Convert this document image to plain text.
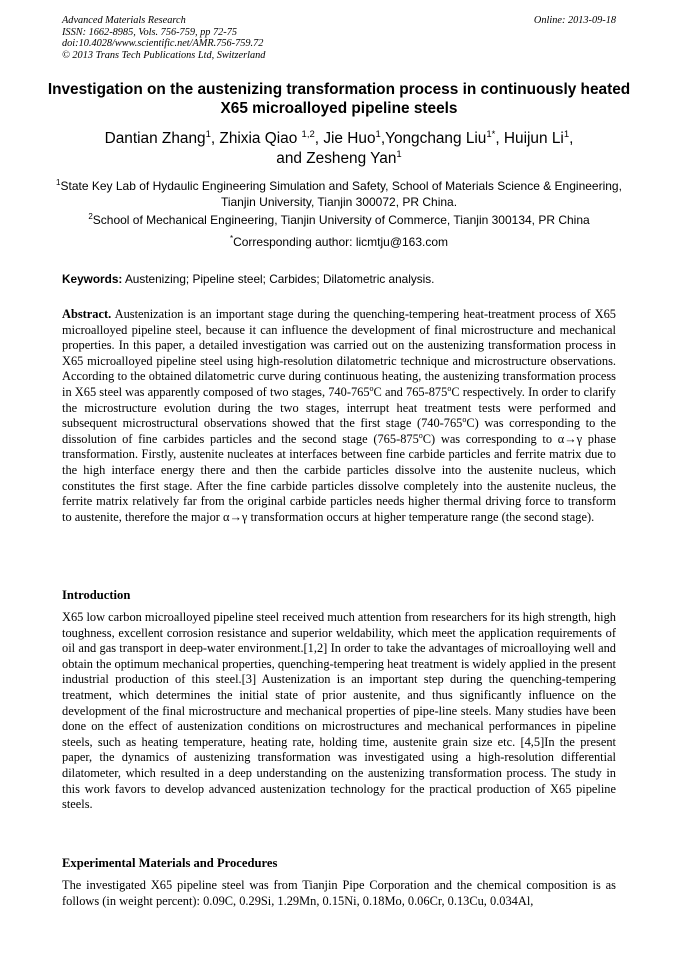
Advanced Materials Research
ISSN: 1662-8985, Vols. 756-759, pp 72-75
doi:10.4028/www.scientific.net/AMR.756-759.72
© 2013 Trans Tech Publications Ltd, Switzerland
Online: 2013-09-18
Investigation on the austenizing transformation process in continuously heated X65 microalloyed pipeline steels
Dantian Zhang$^1$, Zhixia Qiao $^{1,2}$, Jie Huo$^1$,Yongchang Liu$^{1*}$, Huijun Li$^1$,
and Zesheng Yan$^1$
$^1$State Key Lab of Hydaulic Engineering Simulation and Safety, School of Materials Science & Engineering, Tianjin University, Tianjin 300072, PR China.
$^2$School of Mechanical Engineering, Tianjin University of Commerce, Tianjin 300134, PR China
*Corresponding author: licmtju@163.com
Keywords: Austenizing; Pipeline steel; Carbides; Dilatometric analysis.

Abstract. Austenization is an important stage during the quenching-tempering heat-treatment process of X65 microalloyed pipeline steel, because it can influence the development of final microstructure and mechanical properties. In this paper, a detailed investigation was carried out on the austenizing transformation process in X65 microalloyed pipeline steel using high-resolution dilatometric technique and microstructure observations. According to the obtained dilatometric curve during continuous heating, the austenizing transformation process in X65 steel was apparently composed of two stages, 740-765$^o$C and 765-875$^o$C respectively. In order to clarify the microstructure evolution during the two stages, interrupt heat treatment tests were performed and subsequent microstructural observations showed that the first stage (740-765$^o$C) was corresponding to the dissolution of fine carbides particles and the second stage (765-875$^o$C) was corresponding to α→γ phase transformation. Firstly, austenite nucleates at interfaces between fine carbide particles and ferrite matrix due to the high interface energy there and then the carbide particles dissolve into the austenite nucleus, which constitutes the first stage. After the fine carbide particles dissolve completely into the austenite nucleus, the ferrite matrix relatively far from the original carbide particles needs higher thermal driving force to transform to austenite, therefore the major α→γ transformation occurs at higher temperature range (the second stage).

Introduction

X65 low carbon microalloyed pipeline steel received much attention from researchers for its high strength, high toughness, excellent corrosion resistance and superior weldability, which meet the application requirements of oil and gas transport in deep-water environment.[1,2] In order to take the advantages of microalloying well and obtain the optimum mechanical properties, quenching-tempering heat treatment is widely applied in the present industrial production of this steel.[3] Austenization is an important step during the quenching-tempering treatment, which determines the initial state of prior austenite, and thus significantly influence on the development of the final microstructure and mechanical properties of pipe-line steels. Many studies have been done on the effect of austenization conditions on microstructures and mechanical performances in pipeline steels, such as heating temperature, heating rate, holding time, austenite grain size etc. [4,5]In the present paper, the dynamics of austenizing transformation was investigated using a high-resolution differential dilatometer, which resulted in a deep understanding on the austenizing transformation process. The study in this work favors to develop advanced austenization technology for the practical production of X65 pipeline steels.

Experimental Materials and Procedures

The investigated X65 pipeline steel was from Tianjin Pipe Corporation and the chemical composition is as follows (in weight percent): 0.09C, 0.29Si, 1.29Mn, 0.15Ni, 0.18Mo, 0.06Cr, 0.13Cu, 0.034Al,
